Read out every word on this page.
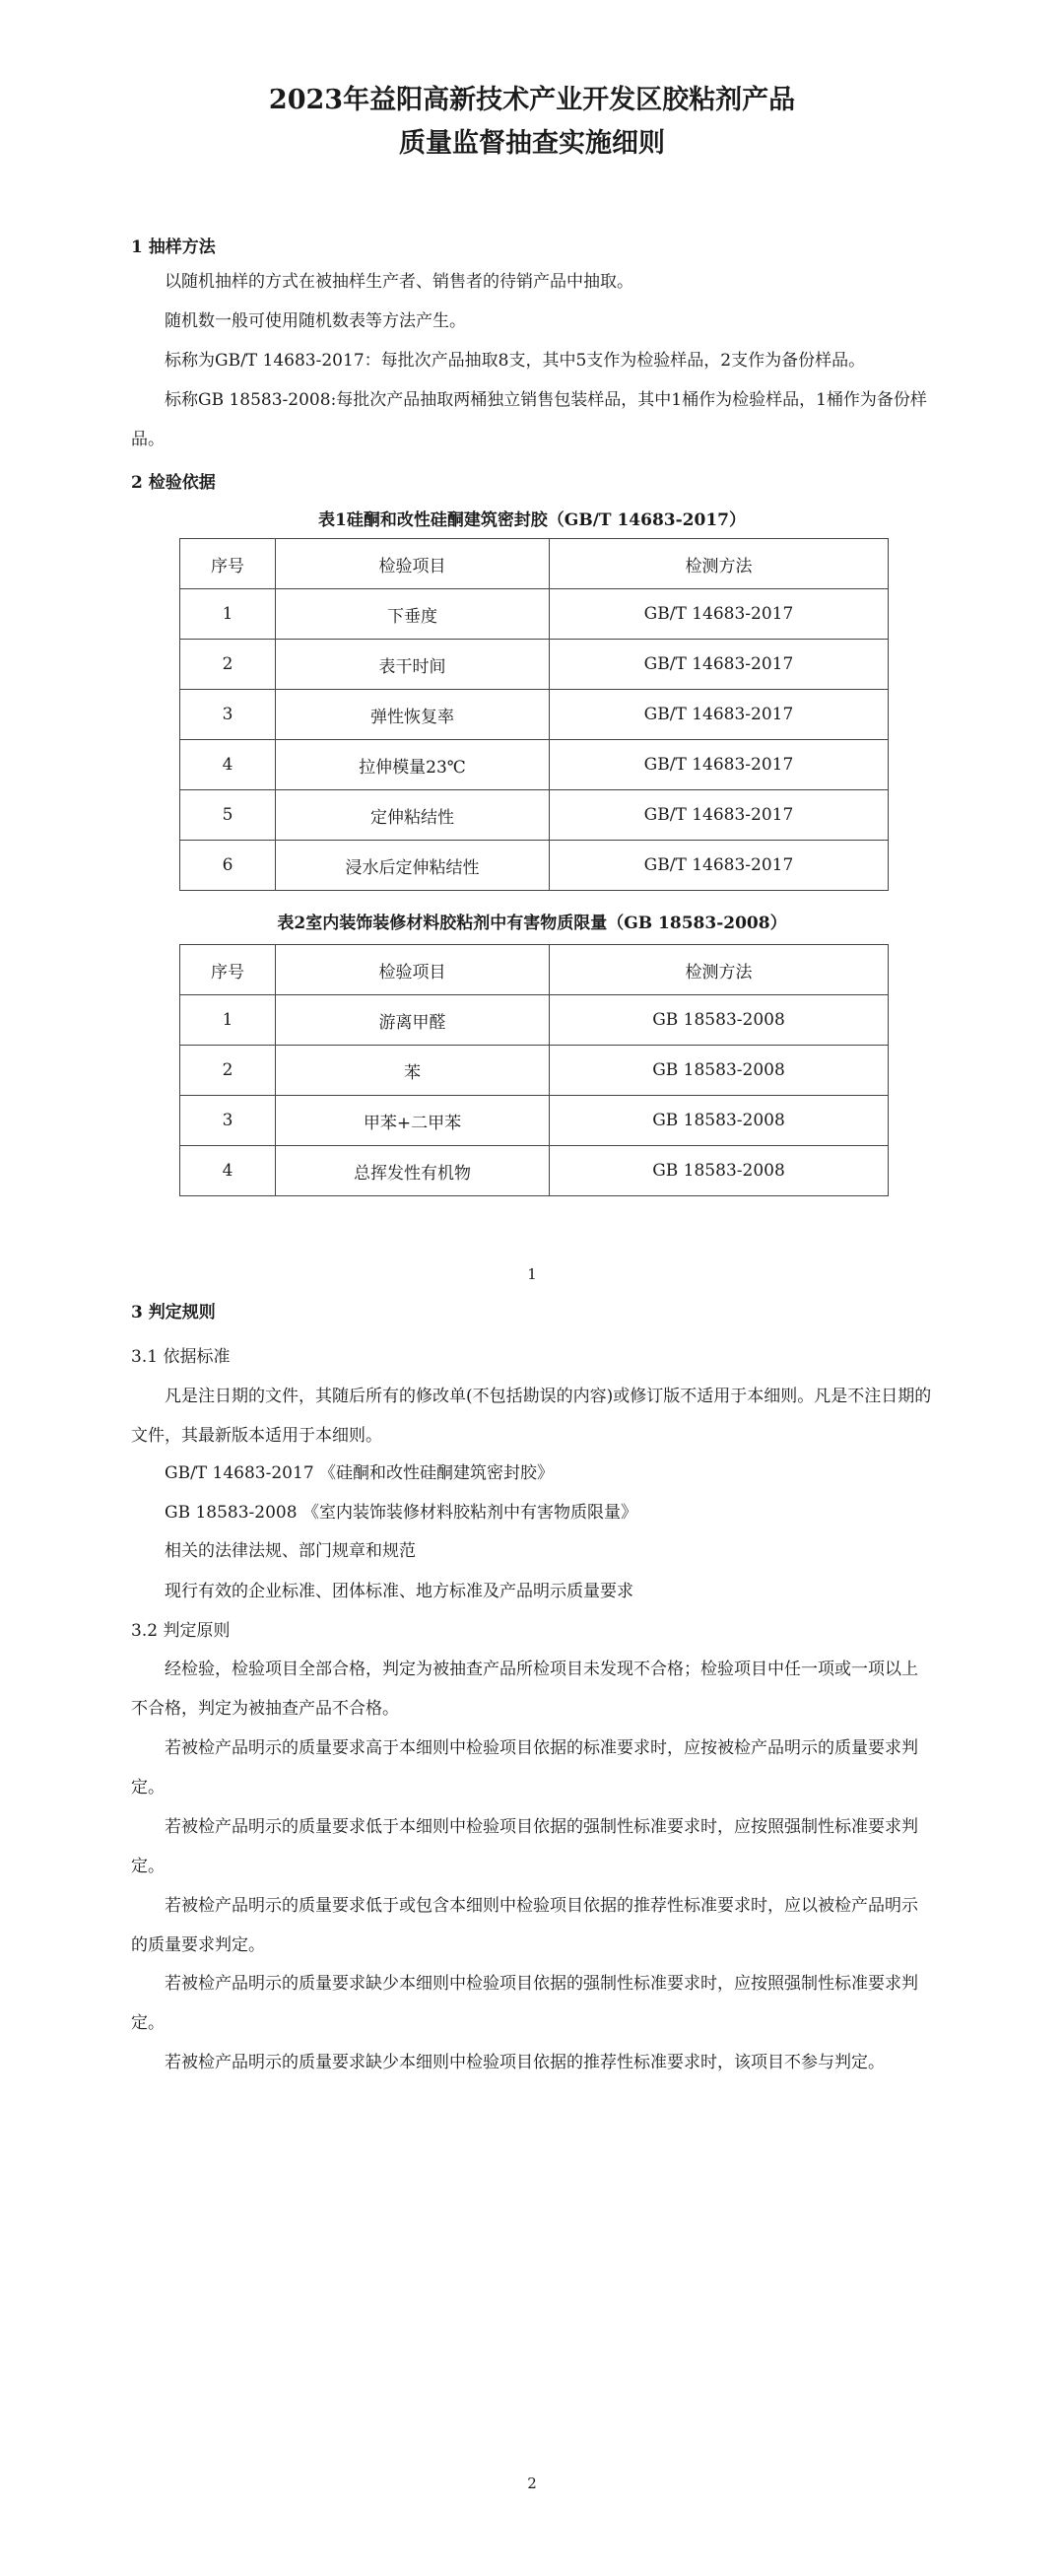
2023年益阳高新技术产业开发区胶粘剂产品
质量监督抽查实施细则
1 抽样方法

以随机抽样的方式在被抽样生产者、销售者的待销产品中抽取。

随机数一般可使用随机数表等方法产生。

标称为GB/T 14683-2017：每批次产品抽取8支，其中5支作为检验样品，2支作为备份样品。

标称GB 18583-2008:每批次产品抽取两桶独立销售包装样品，其中1桶作为检验样品，1桶作为备份样品。

2 检验依据
表1硅酮和改性硅酮建筑密封胶（GB/T 14683-2017）
序号	检验项目	检测方法
1	下垂度	GB/T 14683-2017
2	表干时间	GB/T 14683-2017
3	弹性恢复率	GB/T 14683-2017
4	拉伸模量23℃	GB/T 14683-2017
5	定伸粘结性	GB/T 14683-2017
6	浸水后定伸粘结性	GB/T 14683-2017
表2室内装饰装修材料胶粘剂中有害物质限量（GB 18583-2008）
序号	检验项目	检测方法
1	游离甲醛	GB 18583-2008
2	苯	GB 18583-2008
3	甲苯+二甲苯	GB 18583-2008
4	总挥发性有机物	GB 18583-2008
1
3 判定规则
3.1 依据标准

凡是注日期的文件，其随后所有的修改单(不包括勘误的内容)或修订版不适用于本细则。凡是不注日期的文件，其最新版本适用于本细则。

GB/T 14683-2017 《硅酮和改性硅酮建筑密封胶》
GB 18583-2008 《室内装饰装修材料胶粘剂中有害物质限量》
相关的法律法规、部门规章和规范
现行有效的企业标准、团体标准、地方标准及产品明示质量要求
3.2 判定原则

经检验，检验项目全部合格，判定为被抽查产品所检项目未发现不合格；检验项目中任一项或一项以上不合格，判定为被抽查产品不合格。

若被检产品明示的质量要求高于本细则中检验项目依据的标准要求时，应按被检产品明示的质量要求判定。

若被检产品明示的质量要求低于本细则中检验项目依据的强制性标准要求时，应按照强制性标准要求判定。

若被检产品明示的质量要求低于或包含本细则中检验项目依据的推荐性标准要求时，应以被检产品明示的质量要求判定。

若被检产品明示的质量要求缺少本细则中检验项目依据的强制性标准要求时，应按照强制性标准要求判定。

若被检产品明示的质量要求缺少本细则中检验项目依据的推荐性标准要求时，该项目不参与判定。

2
